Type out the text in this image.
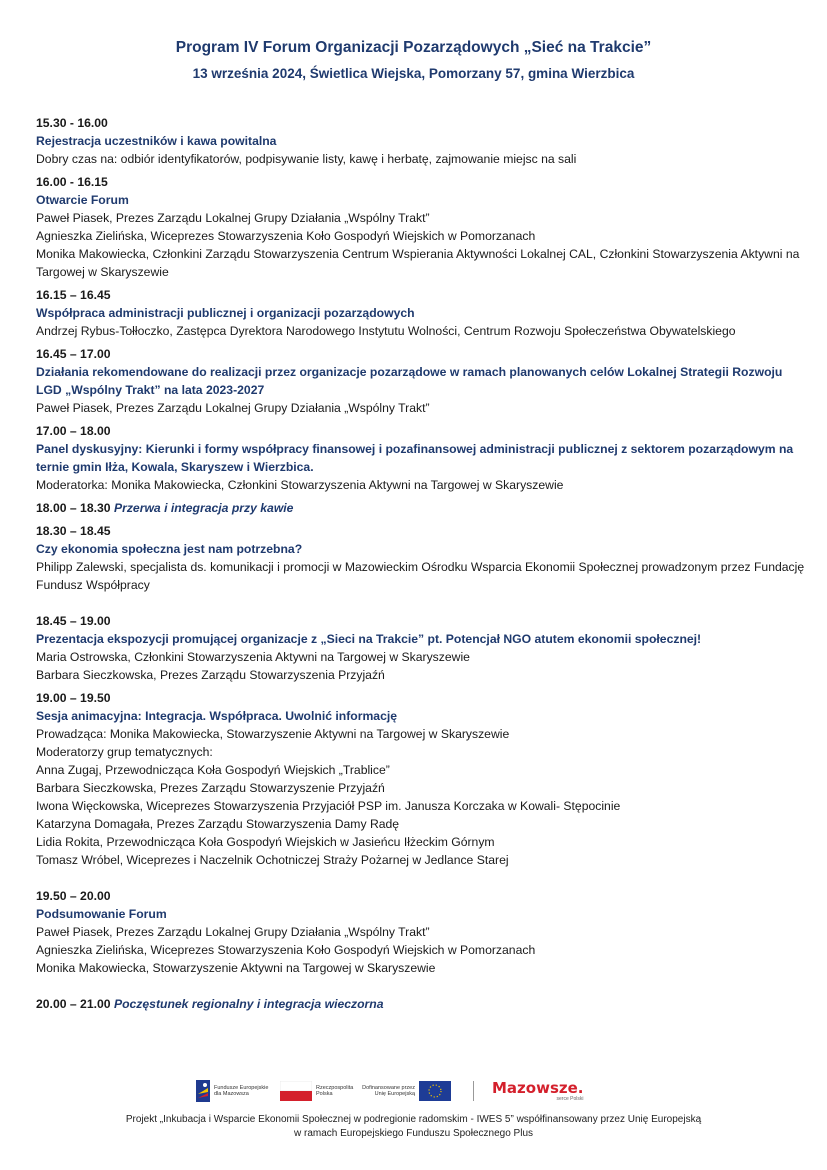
Program IV Forum Organizacji Pozarządowych „Sieć na Trakcie”
13 września 2024, Świetlica Wiejska, Pomorzany 57, gmina Wierzbica
15.30 - 16.00
Rejestracja uczestników i kawa powitalna
Dobry czas na: odbiór identyfikatorów, podpisywanie listy, kawę i herbatę, zajmowanie miejsc na sali
16.00 - 16.15
Otwarcie Forum
Paweł Piasek, Prezes Zarządu Lokalnej Grupy Działania „Wspólny Trakt”
Agnieszka Zielińska, Wiceprezes Stowarzyszenia Koło Gospodyń Wiejskich w Pomorzanach
Monika Makowiecka, Członkini Zarządu Stowarzyszenia Centrum Wspierania Aktywności Lokalnej CAL, Członkini Stowarzyszenia Aktywni na Targowej w Skaryszewie
16.15 – 16.45
Współpraca administracji publicznej i organizacji pozarządowych
Andrzej Rybus-Tołłoczko, Zastępca Dyrektora Narodowego Instytutu Wolności, Centrum Rozwoju Społeczeństwa Obywatelskiego
16.45 – 17.00
Działania rekomendowane do realizacji przez organizacje pozarządowe w ramach planowanych celów Lokalnej Strategii Rozwoju LGD „Wspólny Trakt” na lata 2023-2027
Paweł Piasek, Prezes Zarządu Lokalnej Grupy Działania „Wspólny Trakt”
17.00 – 18.00
Panel dyskusyjny: Kierunki i formy współpracy finansowej i pozafinansowej administracji publicznej z sektorem pozarządowym na ternie gmin Iłża, Kowala, Skaryszew i Wierzbica.
Moderatorka: Monika Makowiecka, Członkini Stowarzyszenia Aktywni na Targowej w Skaryszewie
18.00 – 18.30 Przerwa i integracja przy kawie
18.30 – 18.45
Czy ekonomia społeczna jest nam potrzebna?
Philipp Zalewski, specjalista ds. komunikacji i promocji w Mazowieckim Ośrodku Wsparcia Ekonomii Społecznej prowadzonym przez Fundację Fundusz Współpracy
18.45 – 19.00
Prezentacja ekspozycji promującej organizacje z „Sieci na Trakcie” pt. Potencjał NGO atutem ekonomii społecznej!
Maria Ostrowska, Członkini Stowarzyszenia Aktywni na Targowej w Skaryszewie
Barbara Sieczkowska, Prezes Zarządu Stowarzyszenia Przyjaźń
19.00 – 19.50
Sesja animacyjna: Integracja. Współpraca. Uwolnić informację
Prowadząca: Monika Makowiecka, Stowarzyszenie Aktywni na Targowej w Skaryszewie
Moderatorzy grup tematycznych:
Anna Zugaj, Przewodnicząca Koła Gospodyń Wiejskich „Trablice”
Barbara Sieczkowska, Prezes Zarządu Stowarzyszenie Przyjaźń
Iwona Więckowska, Wiceprezes Stowarzyszenia Przyjaciół PSP im. Janusza Korczaka w Kowali- Stępocinie
Katarzyna Domagała, Prezes Zarządu Stowarzyszenia Damy Radę
Lidia Rokita, Przewodnicząca Koła Gospodyń Wiejskich w Jasieńcu Iłżeckim Górnym
Tomasz Wróbel, Wiceprezes i Naczelnik Ochotniczej Straży Pożarnej w Jedlance Starej
19.50 – 20.00
Podsumowanie Forum
Paweł Piasek, Prezes Zarządu Lokalnej Grupy Działania „Wspólny Trakt”
Agnieszka Zielińska, Wiceprezes Stowarzyszenia Koło Gospodyń Wiejskich w Pomorzanach
Monika Makowiecka, Stowarzyszenie Aktywni na Targowej w Skaryszewie
20.00 – 21.00 Poczęstunek regionalny i integracja wieczorna
Fundusze Europejskie dla Mazowsza
Rzeczpospolita Polska
Dofinansowane przez Unię Europejską	Mazowsze.
serce Polski
Projekt „Inkubacja i Wsparcie Ekonomii Społecznej w podregionie radomskim - IWES 5” współfinansowany przez Unię Europejską
w ramach Europejskiego Funduszu Społecznego Plus
